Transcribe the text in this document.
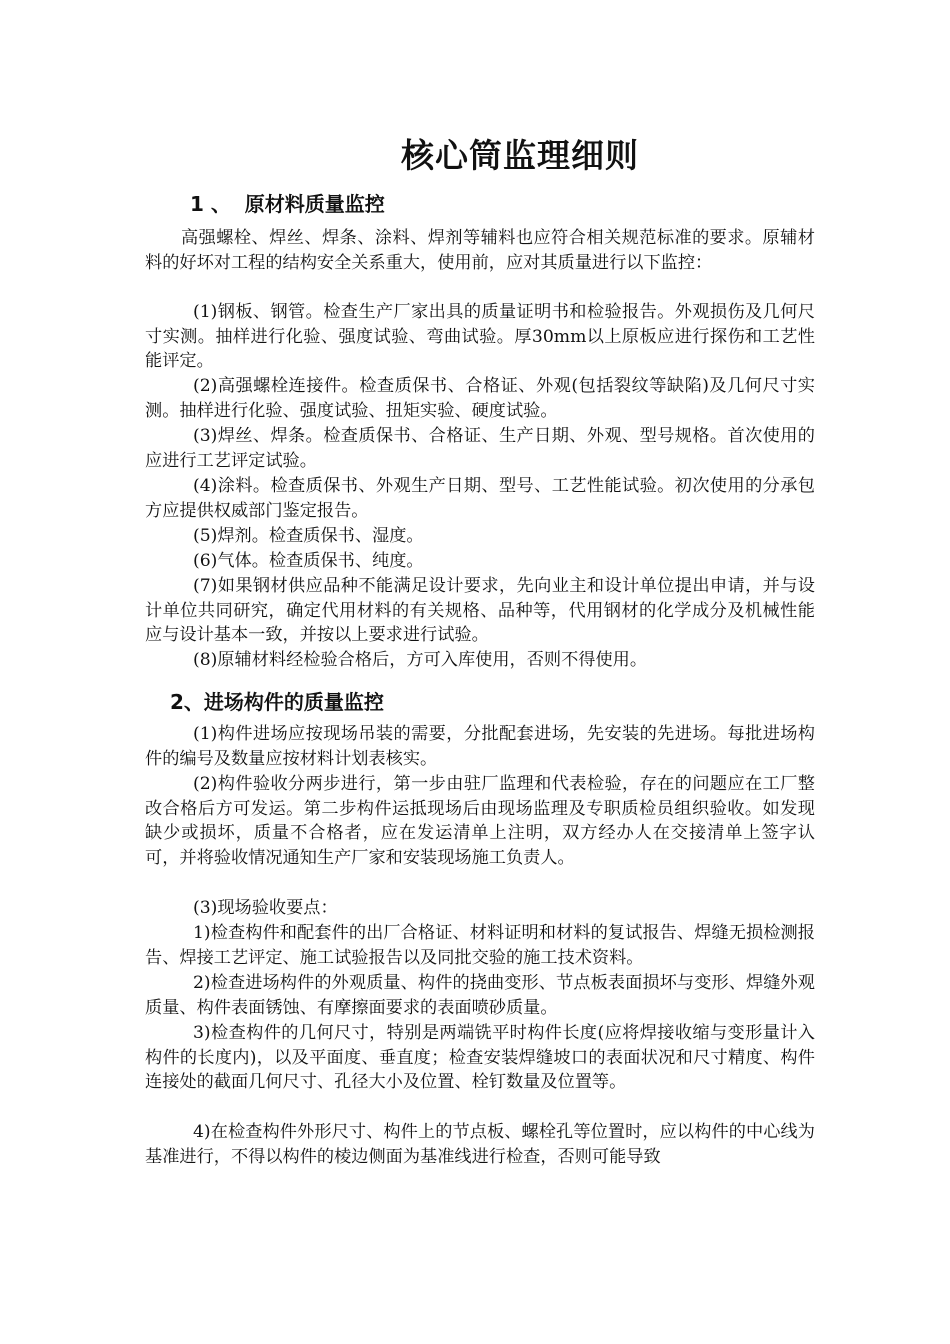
核心筒监理细则
1 、  原材料质量监控

高强螺栓、焊丝、焊条、涂料、焊剂等辅料也应符合相关规范标准的要求。原辅材料的好坏对工程的结构安全关系重大，使用前，应对其质量进行以下监控：

(1)钢板、钢管。检查生产厂家出具的质量证明书和检验报告。外观损伤及几何尺寸实测。抽样进行化验、强度试验、弯曲试验。厚30mm以上原板应进行探伤和工艺性能评定。

(2)高强螺栓连接件。检查质保书、合格证、外观(包括裂纹等缺陷)及几何尺寸实测。抽样进行化验、强度试验、扭矩实验、硬度试验。

(3)焊丝、焊条。检查质保书、合格证、生产日期、外观、型号规格。首次使用的应进行工艺评定试验。

(4)涂料。检查质保书、外观生产日期、型号、工艺性能试验。初次使用的分承包方应提供权威部门鉴定报告。

(5)焊剂。检查质保书、湿度。

(6)气体。检查质保书、纯度。

(7)如果钢材供应品种不能满足设计要求，先向业主和设计单位提出申请，并与设计单位共同研究，确定代用材料的有关规格、品种等，代用钢材的化学成分及机械性能应与设计基本一致，并按以上要求进行试验。

(8)原辅材料经检验合格后，方可入库使用，否则不得使用。

2、进场构件的质量监控

(1)构件进场应按现场吊装的需要，分批配套进场，先安装的先进场。每批进场构件的编号及数量应按材料计划表核实。

(2)构件验收分两步进行，第一步由驻厂监理和代表检验，存在的问题应在工厂整改合格后方可发运。第二步构件运抵现场后由现场监理及专职质检员组织验收。如发现缺少或损坏，质量不合格者，应在发运清单上注明，双方经办人在交接清单上签字认可，并将验收情况通知生产厂家和安装现场施工负责人。

(3)现场验收要点：

1)检查构件和配套件的出厂合格证、材料证明和材料的复试报告、焊缝无损检测报告、焊接工艺评定、施工试验报告以及同批交验的施工技术资料。

2)检查进场构件的外观质量、构件的挠曲变形、节点板表面损坏与变形、焊缝外观质量、构件表面锈蚀、有摩擦面要求的表面喷砂质量。

3)检查构件的几何尺寸，特别是两端铣平时构件长度(应将焊接收缩与变形量计入构件的长度内)，以及平面度、垂直度；检查安装焊缝坡口的表面状况和尺寸精度、构件连接处的截面几何尺寸、孔径大小及位置、栓钉数量及位置等。

4)在检查构件外形尺寸、构件上的节点板、螺栓孔等位置时，应以构件的中心线为基准进行，不得以构件的棱边侧面为基准线进行检查，否则可能导致
